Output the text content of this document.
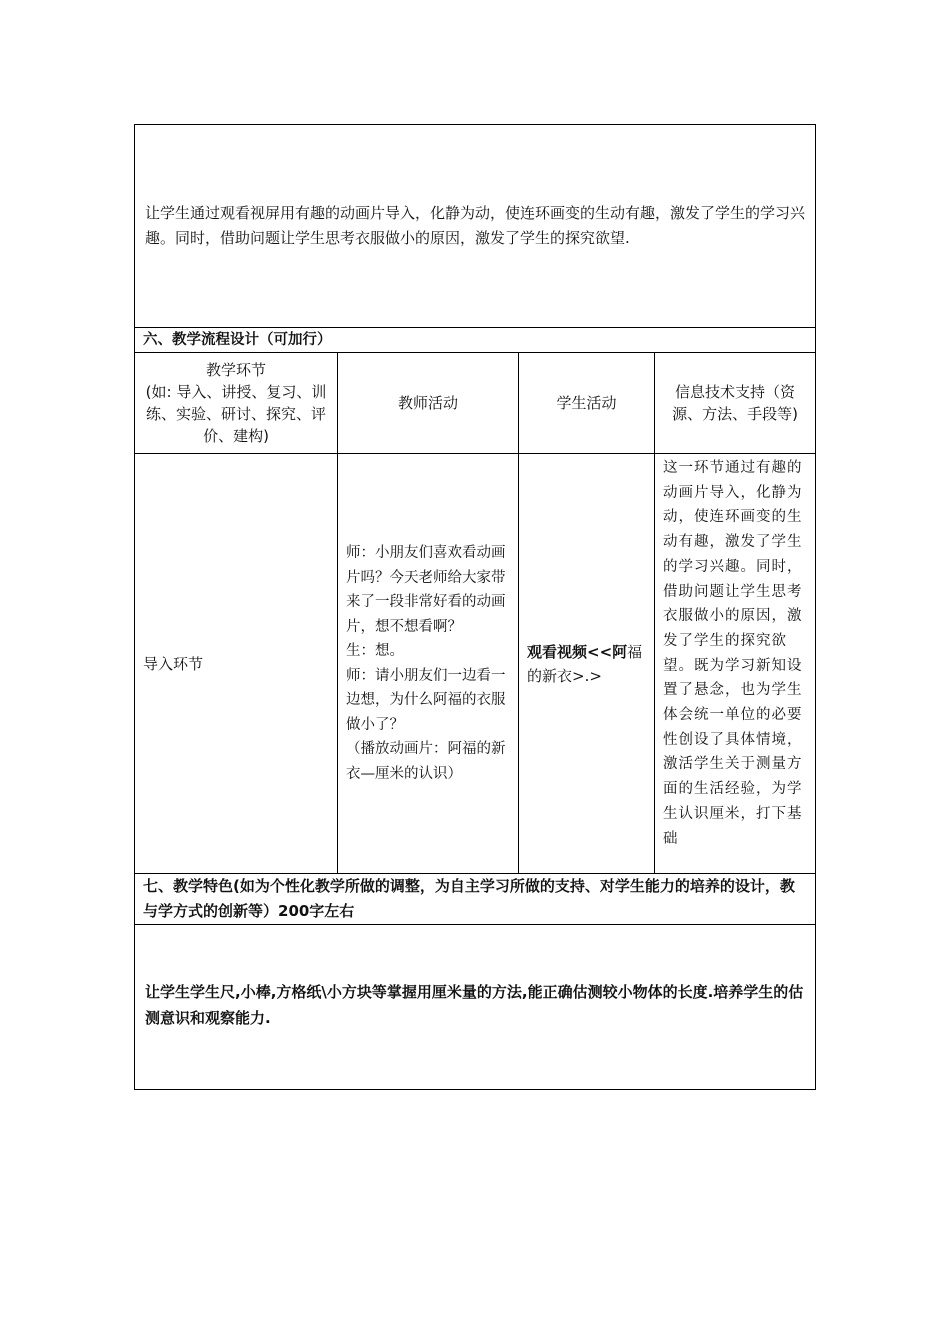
让学生通过观看视屏用有趣的动画片导入，化静为动，使连环画变的生动有趣，激发了学生的学习兴趣。同时，借助问题让学生思考衣服做小的原因，激发了学生的探究欲望.			
六、教学流程设计（可加行）			

教学环节
(如: 导入、讲授、复习、训练、实验、研讨、探究、评价、建构)	教师活动	学生活动	信息技术支持（资源、方法、手段等)
导入环节	师：小朋友们喜欢看动画片吗？今天老师给大家带来了一段非常好看的动画片，想不想看啊？

生：想。

师：请小朋友们一边看一边想，为什么阿福的衣服做小了？

（播放动画片：阿福的新衣—厘米的认识）	观看视频<<阿福的新衣>.>	这一环节通过有趣的动画片导入，化静为动，使连环画变的生动有趣，激发了学生的学习兴趣。同时，借助问题让学生思考衣服做小的原因，激发了学生的探究欲望。既为学习新知设置了悬念，也为学生体会统一单位的必要性创设了具体情境，激活学生关于测量方面的生活经验，为学生认识厘米，打下基础
七、教学特色(如为个性化教学所做的调整，为自主学习所做的支持、对学生能力的培养的设计，教与学方式的创新等）200字左右			

让学生学生尺,小棒,方格纸\小方块等掌握用厘米量的方法,能正确估测较小物体的长度.培养学生的估测意识和观察能力.			
